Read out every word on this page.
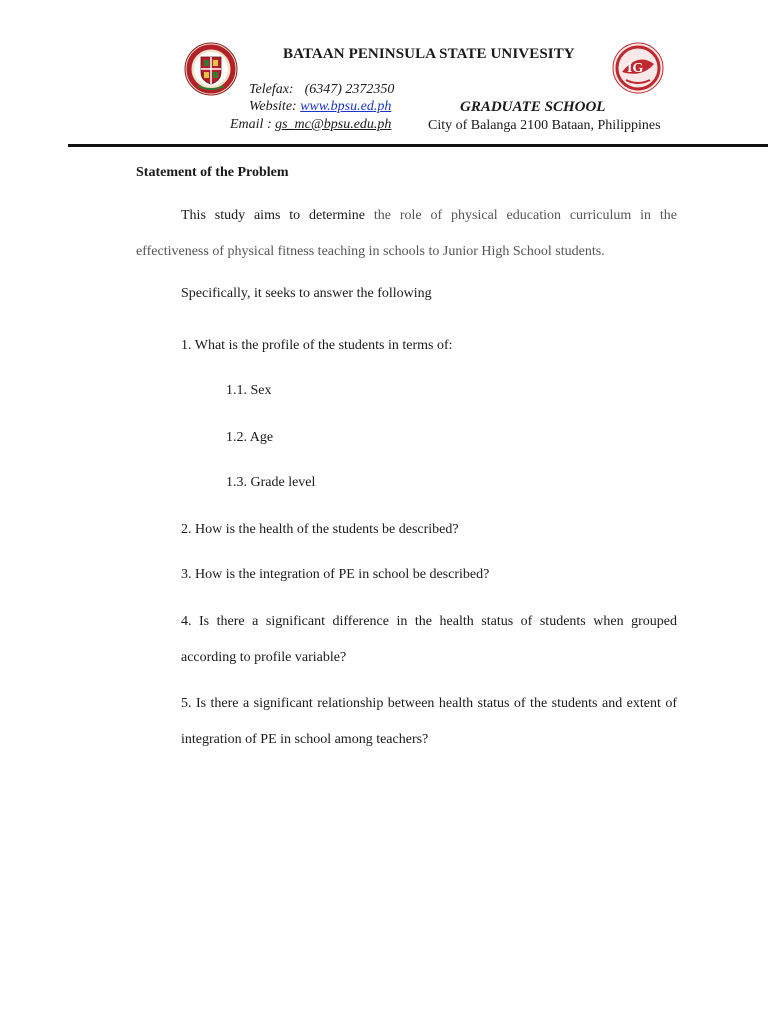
IG
BATAAN PENINSULA STATE UNIVESITY
Telefax: (6347) 2372350
Website: www.bpsu.ed.ph
Email : gs_mc@bpsu.edu.ph
GRADUATE SCHOOL
City of Balanga 2100 Bataan, Philippines
Statement of the Problem
This study aims to determine the role of physical education curriculum in the effectiveness of physical fitness teaching in schools to Junior High School students.
Specifically, it seeks to answer the following
1. What is the profile of the students in terms of:
1.1. Sex
1.2. Age
1.3. Grade level
2. How is the health of the students be described?
3. How is the integration of PE in school be described?
4. Is there a significant difference in the health status of students when grouped according to profile variable?
5. Is there a significant relationship between health status of the students and extent of integration of PE in school among teachers?
